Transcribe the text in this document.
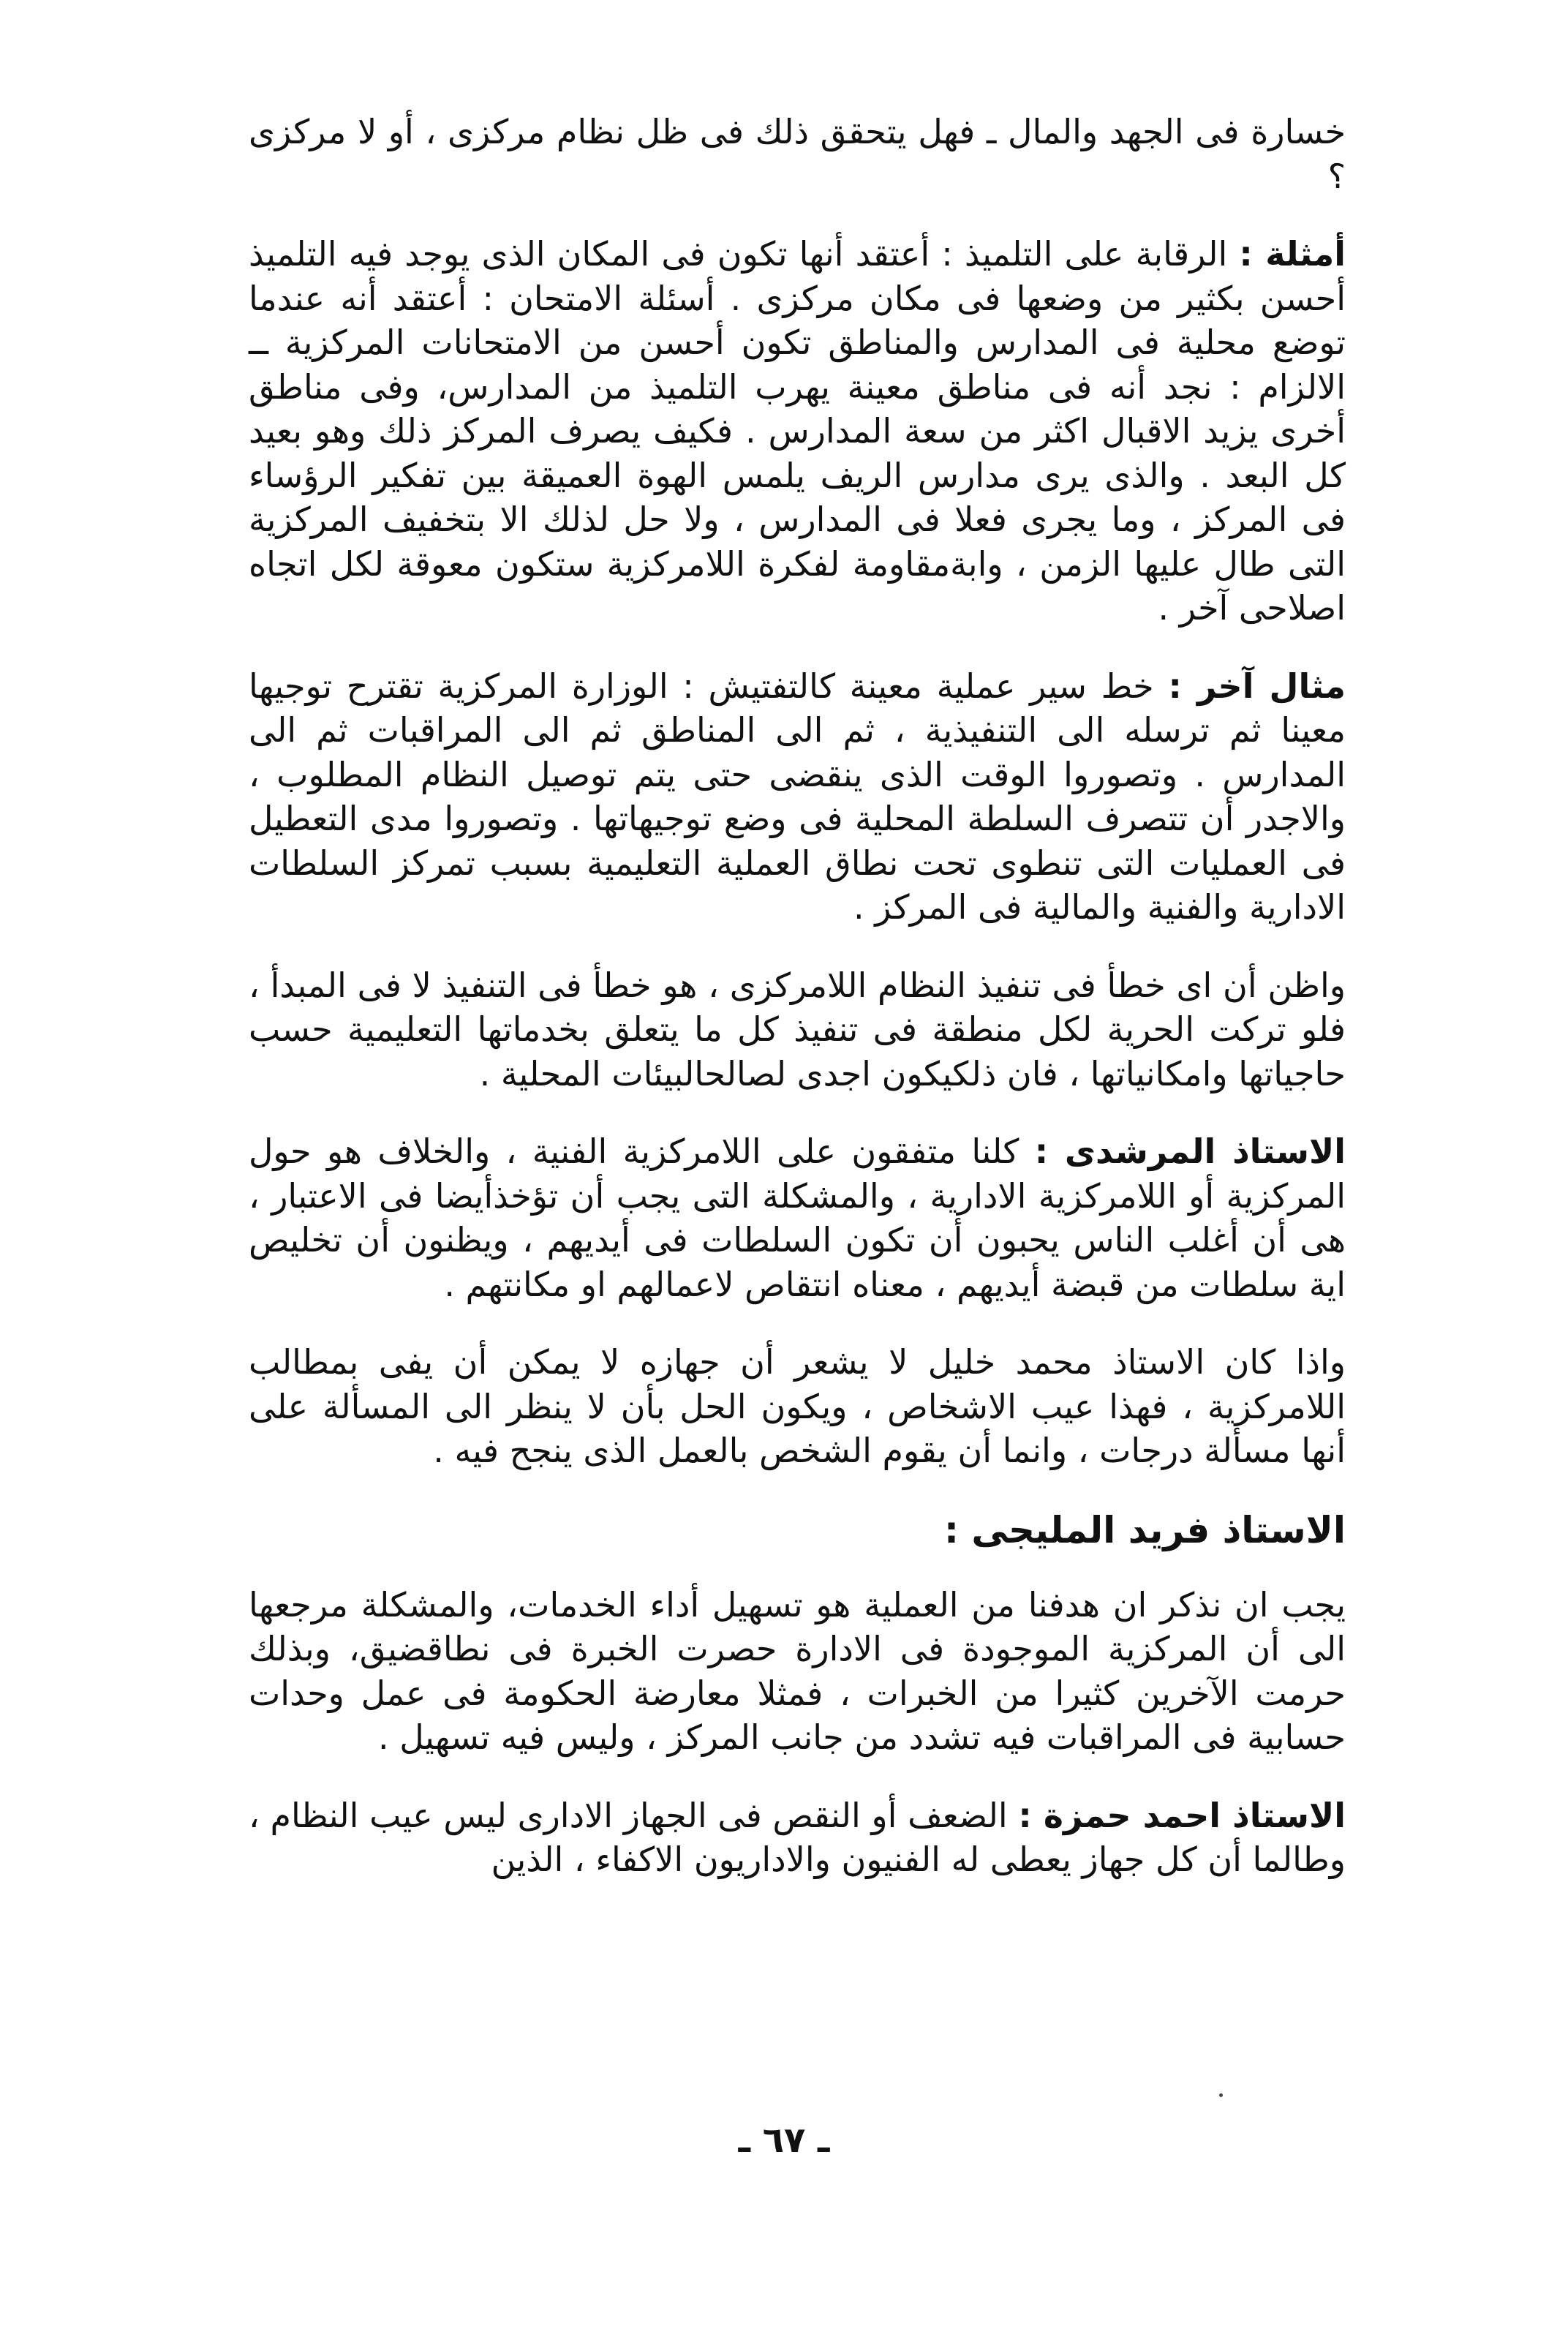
خسارة فى الجهد والمال ـ فهل يتحقق ذلك فى ظل نظام مركزى ، أو لا مركزى ؟

أمثلة : الرقابة على التلميذ : أعتقد أنها تكون فى المكان الذى يوجد فيه التلميذ أحسن بكثير من وضعها فى مكان مركزى . أسئلة الامتحان : أعتقد أنه عندما توضع محلية فى المدارس والمناطق تكون أحسن من الامتحانات المركزية ــ الالزام : نجد أنه فى مناطق معينة يهرب التلميذ من المدارس، وفى مناطق أخرى يزيد الاقبال اكثر من سعة المدارس . فكيف يصرف المركز ذلك وهو بعيد كل البعد . والذى يرى مدارس الريف يلمس الهوة العميقة بين تفكير الرؤساء فى المركز ، وما يجرى فعلا فى المدارس ، ولا حل لذلك الا بتخفيف المركزية التى طال عليها الزمن ، وابةمقاومة لفكرة اللامركزية ستكون معوقة لكل اتجاه اصلاحى آخر .

مثال آخر : خط سير عملية معينة كالتفتيش : الوزارة المركزية تقترح توجيها معينا ثم ترسله الى التنفيذية ، ثم الى المناطق ثم الى المراقبات ثم الى المدارس . وتصوروا الوقت الذى ينقضى حتى يتم توصيل النظام المطلوب ، والاجدر أن تتصرف السلطة المحلية فى وضع توجيهاتها . وتصوروا مدى التعطيل فى العمليات التى تنطوى تحت نطاق العملية التعليمية بسبب تمركز السلطات الادارية والفنية والمالية فى المركز .

واظن أن اى خطأ فى تنفيذ النظام اللامركزى ، هو خطأ فى التنفيذ لا فى المبدأ ، فلو تركت الحرية لكل منطقة فى تنفيذ كل ما يتعلق بخدماتها التعليمية حسب حاجياتها وامكانياتها ، فان ذلكيكون اجدى لصالحالبيئات المحلية .

الاستاذ المرشدى : كلنا متفقون على اللامركزية الفنية ، والخلاف هو حول المركزية أو اللامركزية الادارية ، والمشكلة التى يجب أن تؤخذأيضا فى الاعتبار ، هى أن أغلب الناس يحبون أن تكون السلطات فى أيديهم ، ويظنون أن تخليص اية سلطات من قبضة أيديهم ، معناه انتقاص لاعمالهم او مكانتهم .

واذا كان الاستاذ محمد خليل لا يشعر أن جهازه لا يمكن أن يفى بمطالب اللامركزية ، فهذا عيب الاشخاص ، ويكون الحل بأن لا ينظر الى المسألة على أنها مسألة درجات ، وانما أن يقوم الشخص بالعمل الذى ينجح فيه .

الاستاذ فريد المليجى :

يجب ان نذكر ان هدفنا من العملية هو تسهيل أداء الخدمات، والمشكلة مرجعها الى أن المركزية الموجودة فى الادارة حصرت الخبرة فى نطاقضيق، وبذلك حرمت الآخرين كثيرا من الخبرات ، فمثلا معارضة الحكومة فى عمل وحدات حسابية فى المراقبات فيه تشدد من جانب المركز ، وليس فيه تسهيل .

الاستاذ احمد حمزة : الضعف أو النقص فى الجهاز الادارى ليس عيب النظام ، وطالما أن كل جهاز يعطى له الفنيون والاداريون الاكفاء ، الذين

ـ ٦٧ ـ
